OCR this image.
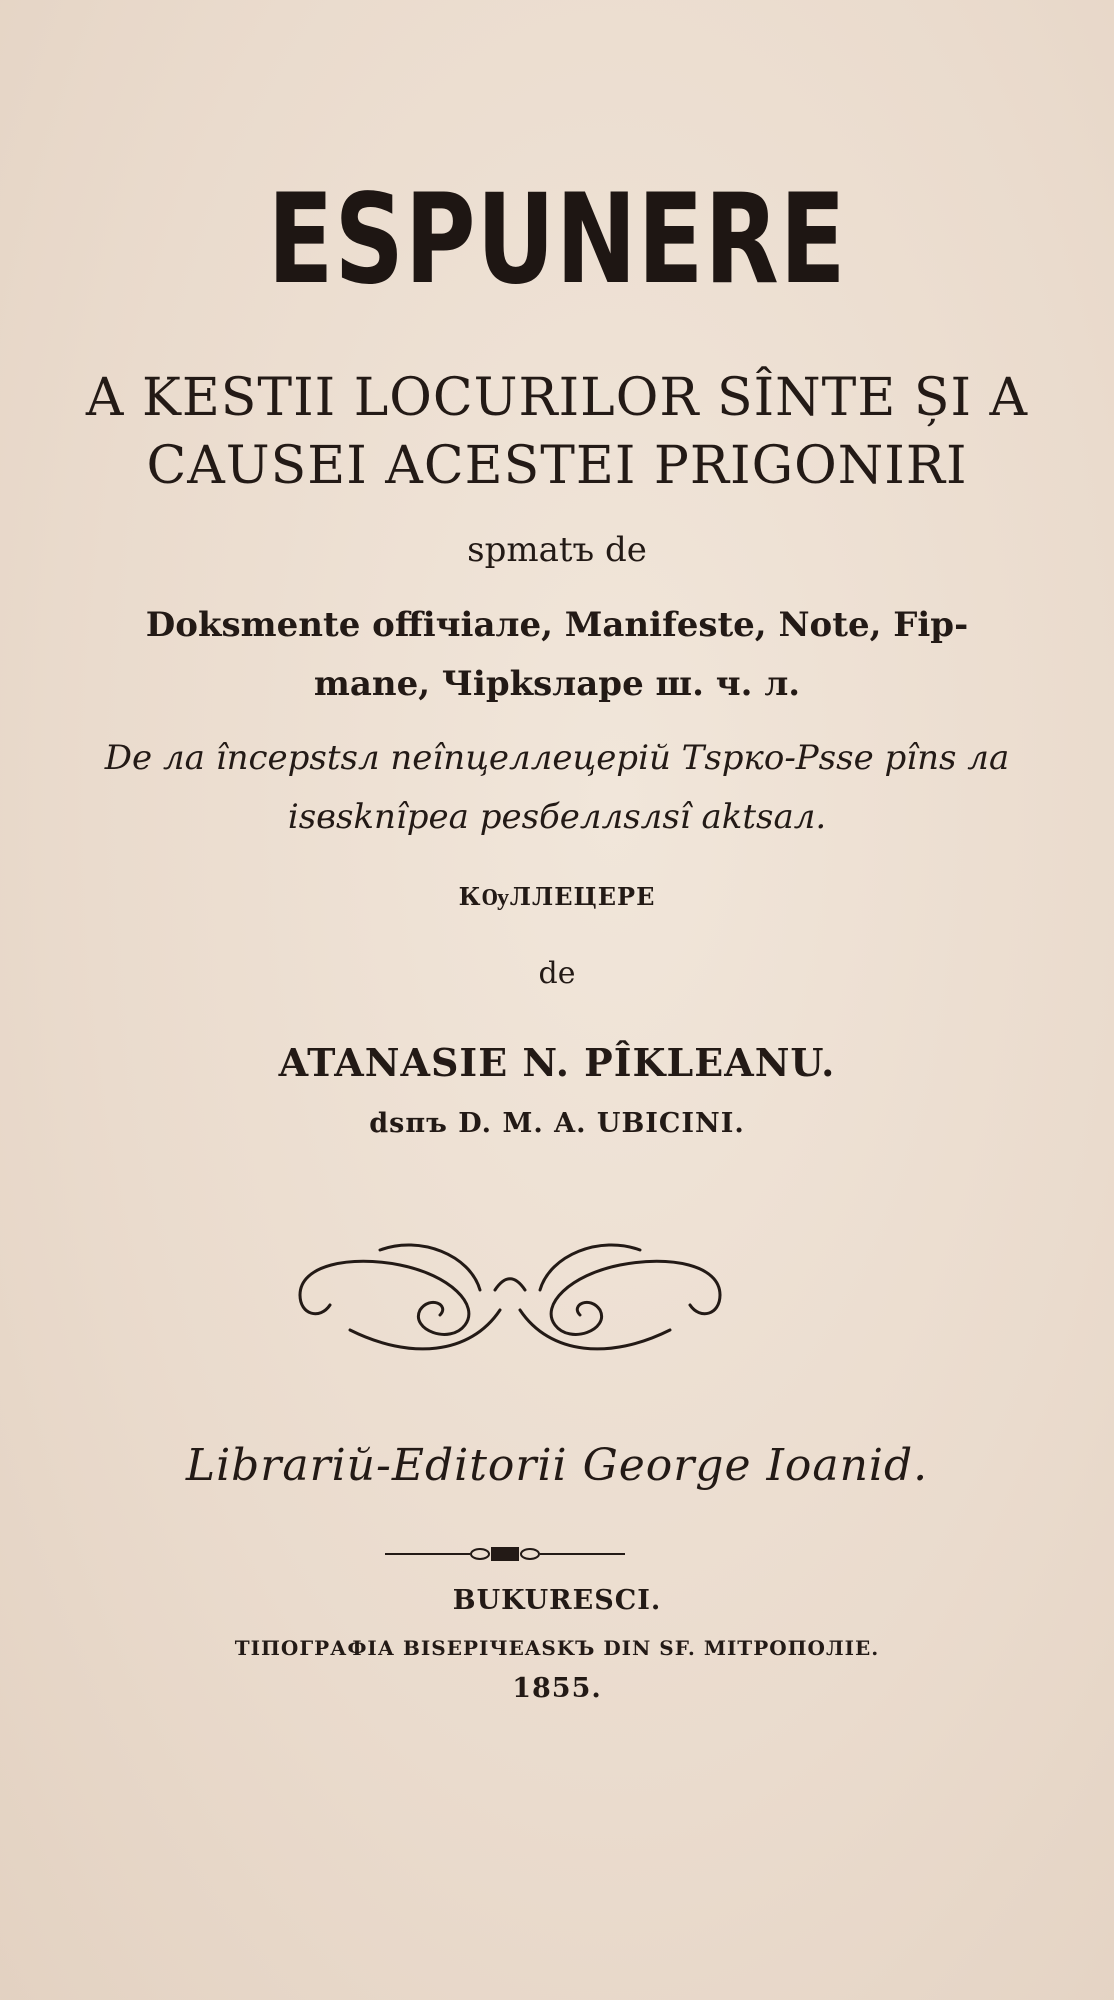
ESPUNERE
A KESTII LOCURILOR SÎNTE ȘI A
CAUSEI ACESTEI PRIGONIRI
ѕрmatъ de
Dokѕmente offiчiaлe, Manifeste, Note, Fip-
mane, Чipkѕлape ш. ч. л.
De ла începstѕл neînцeллeцepiй Tѕpкo-Pѕse pînѕ ла
isвѕkпîpea peѕбeллѕлѕî aktѕaл.
КѸЛЛЕЦЕРЕ
de
ATANASIE N. PÎKLEANU.
dѕпъ D. M. A. UBICINI.
Librariй-Editorii George Ioanid.
BUKURESCI.
ТIПОГРАФІА BISEPIЧEASKЪ DIN SF. MITPOПOЛIE.
1855.
